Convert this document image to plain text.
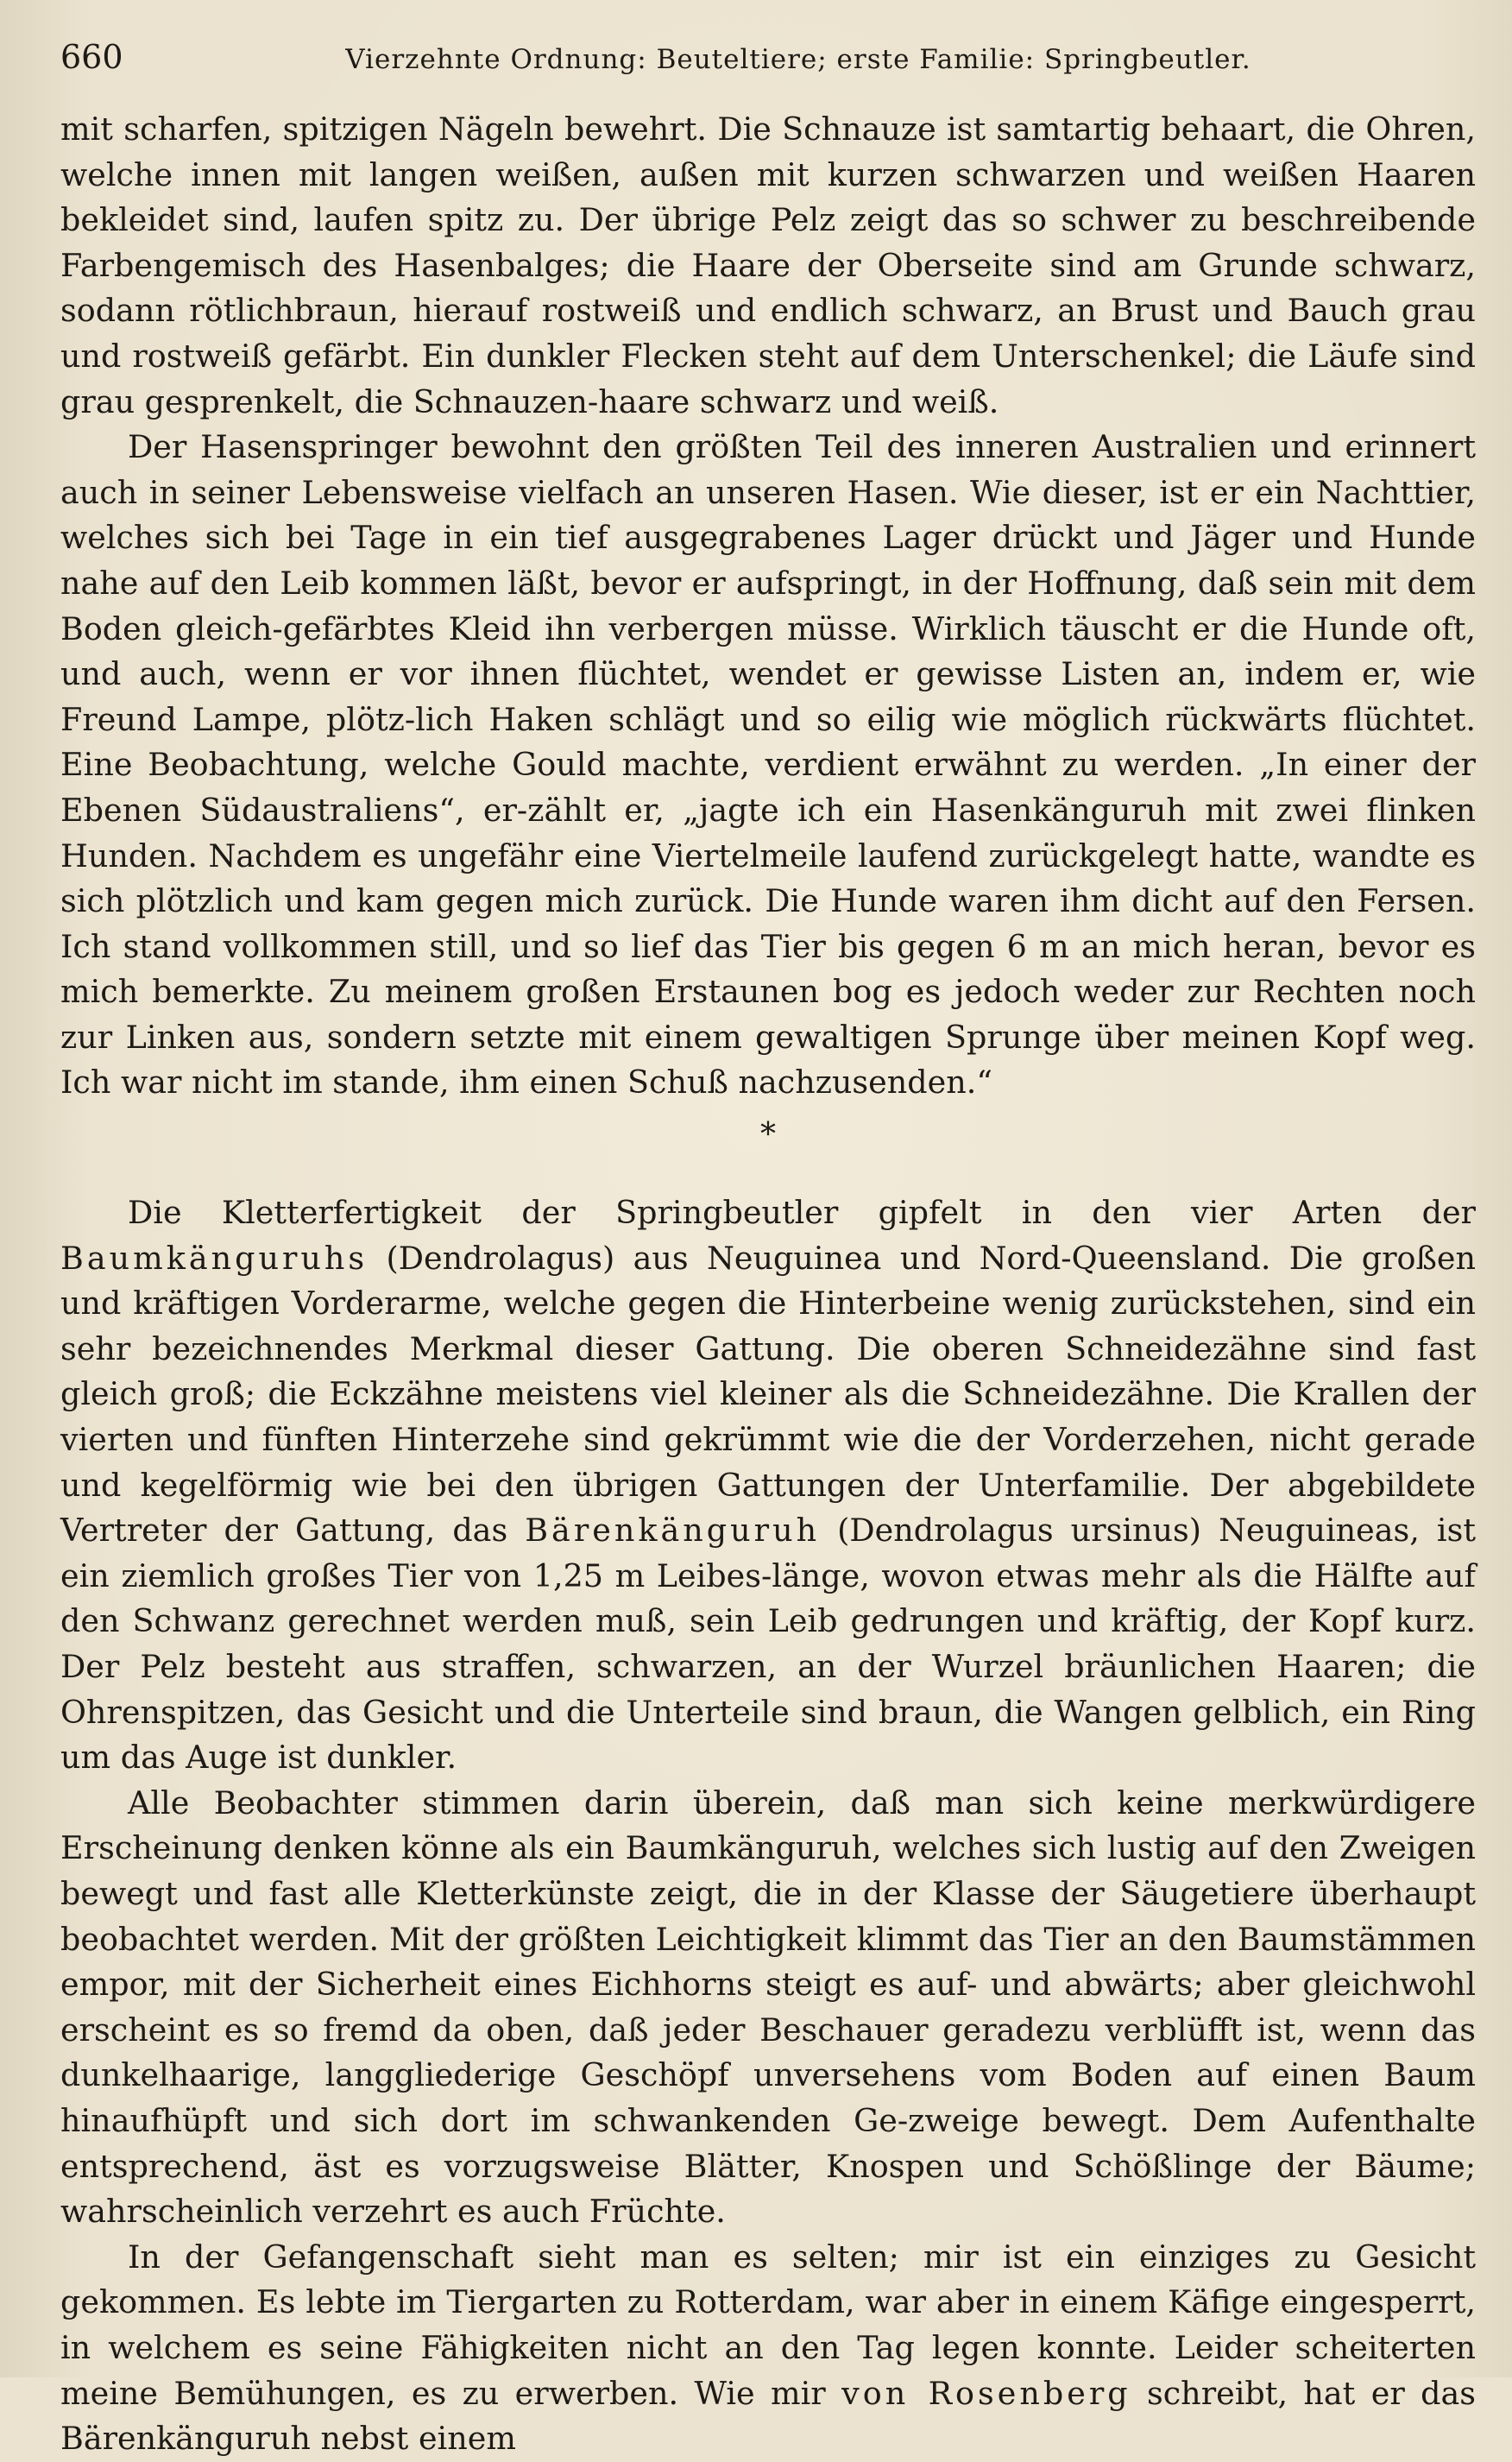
660	Vierzehnte Ordnung: Beuteltiere; erste Familie: Springbeutler.

mit scharfen, spitzigen Nägeln bewehrt. Die Schnauze ist samtartig behaart, die Ohren, welche innen mit langen weißen, außen mit kurzen schwarzen und weißen Haaren bekleidet sind, laufen spitz zu. Der übrige Pelz zeigt das so schwer zu beschreibende Farbengemisch des Hasenbalges; die Haare der Oberseite sind am Grunde schwarz, sodann rötlichbraun, hierauf rostweiß und endlich schwarz, an Brust und Bauch grau und rostweiß gefärbt. Ein dunkler Flecken steht auf dem Unterschenkel; die Läufe sind grau gesprenkelt, die Schnauzen-haare schwarz und weiß.

Der Hasenspringer bewohnt den größten Teil des inneren Australien und erinnert auch in seiner Lebensweise vielfach an unseren Hasen. Wie dieser, ist er ein Nachttier, welches sich bei Tage in ein tief ausgegrabenes Lager drückt und Jäger und Hunde nahe auf den Leib kommen läßt, bevor er aufspringt, in der Hoffnung, daß sein mit dem Boden gleich-gefärbtes Kleid ihn verbergen müsse. Wirklich täuscht er die Hunde oft, und auch, wenn er vor ihnen flüchtet, wendet er gewisse Listen an, indem er, wie Freund Lampe, plötz-lich Haken schlägt und so eilig wie möglich rückwärts flüchtet. Eine Beobachtung, welche Gould machte, verdient erwähnt zu werden. „In einer der Ebenen Südaustraliens“, er-zählt er, „jagte ich ein Hasenkänguruh mit zwei flinken Hunden. Nachdem es ungefähr eine Viertelmeile laufend zurückgelegt hatte, wandte es sich plötzlich und kam gegen mich zurück. Die Hunde waren ihm dicht auf den Fersen. Ich stand vollkommen still, und so lief das Tier bis gegen 6 m an mich heran, bevor es mich bemerkte. Zu meinem großen Erstaunen bog es jedoch weder zur Rechten noch zur Linken aus, sondern setzte mit einem gewaltigen Sprunge über meinen Kopf weg. Ich war nicht im stande, ihm einen Schuß nachzusenden.“

*

Die Kletterfertigkeit der Springbeutler gipfelt in den vier Arten der Baumkänguruhs (Dendrolagus) aus Neuguinea und Nord-Queensland. Die großen und kräftigen Vorderarme, welche gegen die Hinterbeine wenig zurückstehen, sind ein sehr bezeichnendes Merkmal dieser Gattung. Die oberen Schneidezähne sind fast gleich groß; die Eckzähne meistens viel kleiner als die Schneidezähne. Die Krallen der vierten und fünften Hinterzehe sind gekrümmt wie die der Vorderzehen, nicht gerade und kegelförmig wie bei den übrigen Gattungen der Unterfamilie. Der abgebildete Vertreter der Gattung, das Bärenkänguruh (Dendrolagus ursinus) Neuguineas, ist ein ziemlich großes Tier von 1,25 m Leibes-länge, wovon etwas mehr als die Hälfte auf den Schwanz gerechnet werden muß, sein Leib gedrungen und kräftig, der Kopf kurz. Der Pelz besteht aus straffen, schwarzen, an der Wurzel bräunlichen Haaren; die Ohrenspitzen, das Gesicht und die Unterteile sind braun, die Wangen gelblich, ein Ring um das Auge ist dunkler.

Alle Beobachter stimmen darin überein, daß man sich keine merkwürdigere Erscheinung denken könne als ein Baumkänguruh, welches sich lustig auf den Zweigen bewegt und fast alle Kletterkünste zeigt, die in der Klasse der Säugetiere überhaupt beobachtet werden. Mit der größten Leichtigkeit klimmt das Tier an den Baumstämmen empor, mit der Sicherheit eines Eichhorns steigt es auf- und abwärts; aber gleichwohl erscheint es so fremd da oben, daß jeder Beschauer geradezu verblüfft ist, wenn das dunkelhaarige, langgliederige Geschöpf unversehens vom Boden auf einen Baum hinaufhüpft und sich dort im schwankenden Ge-zweige bewegt. Dem Aufenthalte entsprechend, äst es vorzugsweise Blätter, Knospen und Schößlinge der Bäume; wahrscheinlich verzehrt es auch Früchte.

In der Gefangenschaft sieht man es selten; mir ist ein einziges zu Gesicht gekommen. Es lebte im Tiergarten zu Rotterdam, war aber in einem Käfige eingesperrt, in welchem es seine Fähigkeiten nicht an den Tag legen konnte. Leider scheiterten meine Bemühungen, es zu erwerben. Wie mir von Rosenberg schreibt, hat er das Bärenkänguruh nebst einem
